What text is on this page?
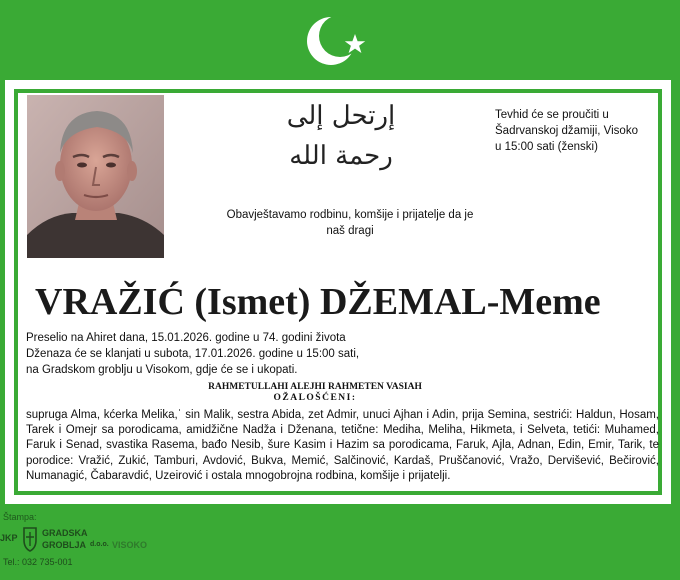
إرتحل إلى رحمة الله
Tevhid će se proučiti u
Šadrvanskoj džamiji, Visoko
u 15:00 sati (ženski)
Obavještavamo rodbinu, komšije i prijatelje da je
naš dragi
VRAŽIĆ (Ismet) DŽEMAL-Meme
Preselio na Ahiret dana, 15.01.2026. godine u 74. godini života
Dženaza će se klanjati u subota, 17.01.2026. godine u 15:00 sati,
na Gradskom groblju u Visokom, gdje će se i ukopati.
RAHMETULLAHI ALEJHI RAHMETEN VASIAH
OŽALOŠĆENI:
supruga Alma, kćerka Melika,ˈ sin Malik, sestra Abida, zet Admir, unuci Ajhan i Adin, prija Semina, sestrići: Haldun, Hosam, Tarek i Omejr sa porodicama, amidžične Nadža i Dženana, tetične: Mediha, Meliha, Hikmeta, i Selveta, tetići: Muhamed, Faruk i Senad, svastika Rasema, bađo Nesib, šure Kasim i Hazim sa porodicama, Faruk, Ajla, Adnan, Edin, Emir, Tarik, te porodice: Vražić, Zukić, Tamburi, Avdović, Bukva, Memić, Salčinović, Kardaš, Pruščanović, Vražo, Dervišević, Bečirović, Numanagić, Čabaravdić, Uzeirović i ostala mnogobrojna rodbina, komšije i prijatelji.
Štampa:
JKP	GRADSKA
GROBLJA d.o.o. VISOKO
Tel.: 032 735-001
